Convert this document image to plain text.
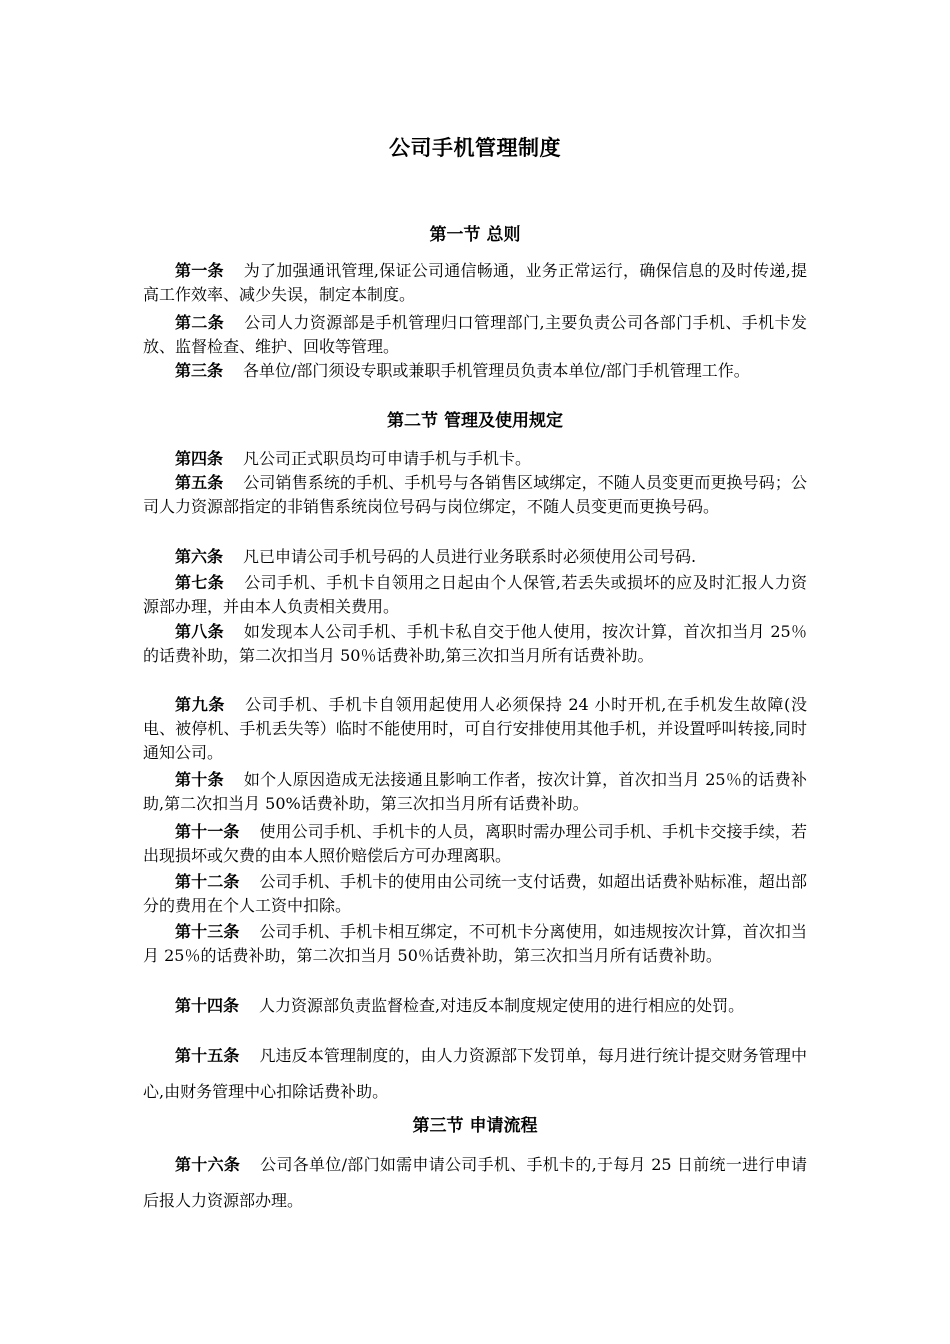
公司手机管理制度
第一节 总则

第一条 为了加强通讯管理,保证公司通信畅通，业务正常运行，确保信息的及时传递,提高工作效率、减少失误，制定本制度。

第二条 公司人力资源部是手机管理归口管理部门,主要负责公司各部门手机、手机卡发放、监督检查、维护、回收等管理。

第三条 各单位/部门须设专职或兼职手机管理员负责本单位/部门手机管理工作。

第二节 管理及使用规定

第四条 凡公司正式职员均可申请手机与手机卡。

第五条 公司销售系统的手机、手机号与各销售区域绑定，不随人员变更而更换号码；公司人力资源部指定的非销售系统岗位号码与岗位绑定，不随人员变更而更换号码。

第六条 凡已申请公司手机号码的人员进行业务联系时必须使用公司号码.

第七条 公司手机、手机卡自领用之日起由个人保管,若丢失或损坏的应及时汇报人力资源部办理，并由本人负责相关费用。

第八条 如发现本人公司手机、手机卡私自交于他人使用，按次计算，首次扣当月 25％的话费补助，第二次扣当月 50％话费补助,第三次扣当月所有话费补助。

第九条 公司手机、手机卡自领用起使用人必须保持 24 小时开机,在手机发生故障(没电、被停机、手机丢失等）临时不能使用时，可自行安排使用其他手机，并设置呼叫转接,同时通知公司。

第十条 如个人原因造成无法接通且影响工作者，按次计算，首次扣当月 25％的话费补助,第二次扣当月 50%话费补助，第三次扣当月所有话费补助。

第十一条 使用公司手机、手机卡的人员，离职时需办理公司手机、手机卡交接手续，若出现损坏或欠费的由本人照价赔偿后方可办理离职。

第十二条 公司手机、手机卡的使用由公司统一支付话费，如超出话费补贴标准，超出部分的费用在个人工资中扣除。

第十三条 公司手机、手机卡相互绑定，不可机卡分离使用，如违规按次计算，首次扣当月 25％的话费补助，第二次扣当月 50％话费补助，第三次扣当月所有话费补助。

第十四条 人力资源部负责监督检查,对违反本制度规定使用的进行相应的处罚。

第十五条 凡违反本管理制度的，由人力资源部下发罚单，每月进行统计提交财务管理中心,由财务管理中心扣除话费补助。

第三节 申请流程

第十六条 公司各单位/部门如需申请公司手机、手机卡的,于每月 25 日前统一进行申请后报人力资源部办理。
